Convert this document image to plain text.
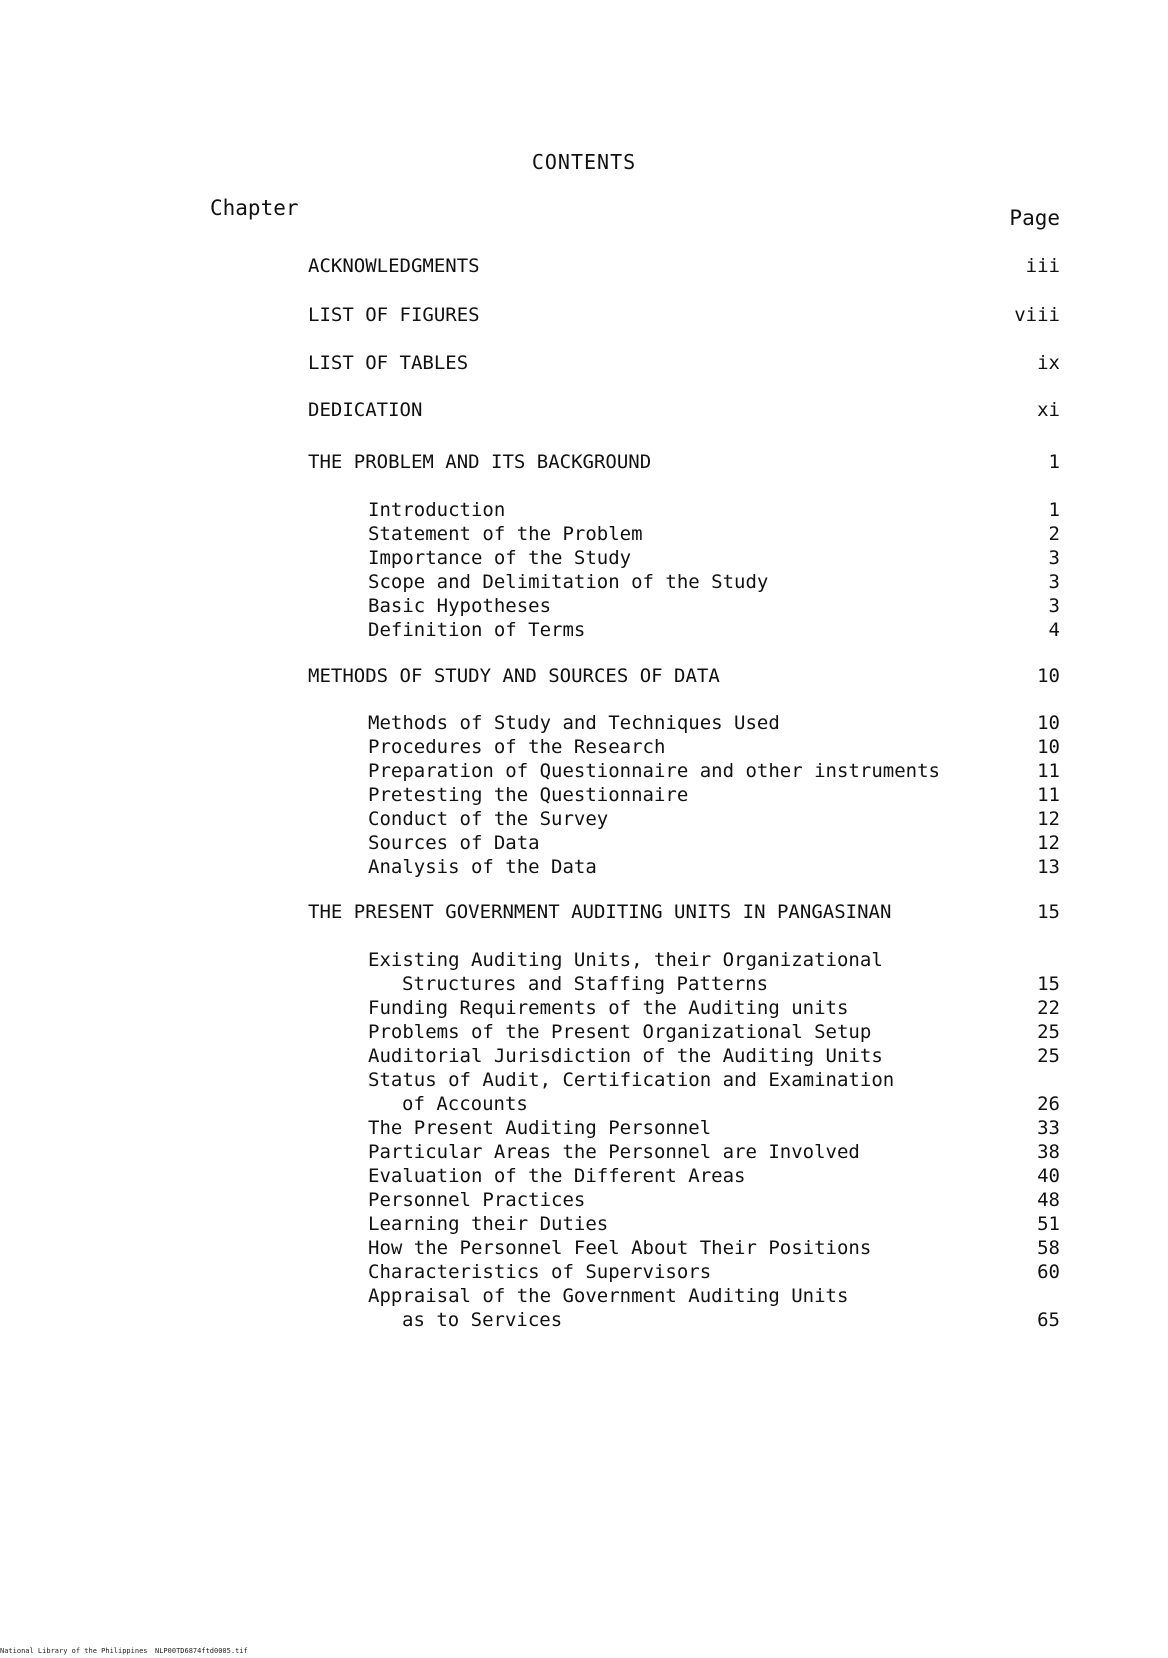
CONTENTS
Chapter	Page
ACKNOWLEDGMENTS	iii
LIST OF FIGURES	viii
LIST OF TABLES	ix
DEDICATION	xi
THE PROBLEM AND ITS BACKGROUND	1
Introduction	1
Statement of the Problem	2
Importance of the Study	3
Scope and Delimitation of the Study	3
Basic Hypotheses	3
Definition of Terms	4
METHODS OF STUDY AND SOURCES OF DATA	10
Methods of Study and Techniques Used	10
Procedures of the Research	10
Preparation of Questionnaire and other instruments	11
Pretesting the Questionnaire	11
Conduct of the Survey	12
Sources of Data	12
Analysis of the Data	13
THE PRESENT GOVERNMENT AUDITING UNITS IN PANGASINAN	15
Existing Auditing Units, their Organizational
Structures and Staffing Patterns	15
Funding Requirements of the Auditing units	22
Problems of the Present Organizational Setup	25
Auditorial Jurisdiction of the Auditing Units	25
Status of Audit, Certification and Examination
of Accounts	26
The Present Auditing Personnel	33
Particular Areas the Personnel are Involved	38
Evaluation of the Different Areas	40
Personnel Practices	48
Learning their Duties	51
How the Personnel Feel About Their Positions	58
Characteristics of Supervisors	60
Appraisal of the Government Auditing Units
as to Services	65
National Library of the Philippines NLP00TD6874ftd0005.tif
